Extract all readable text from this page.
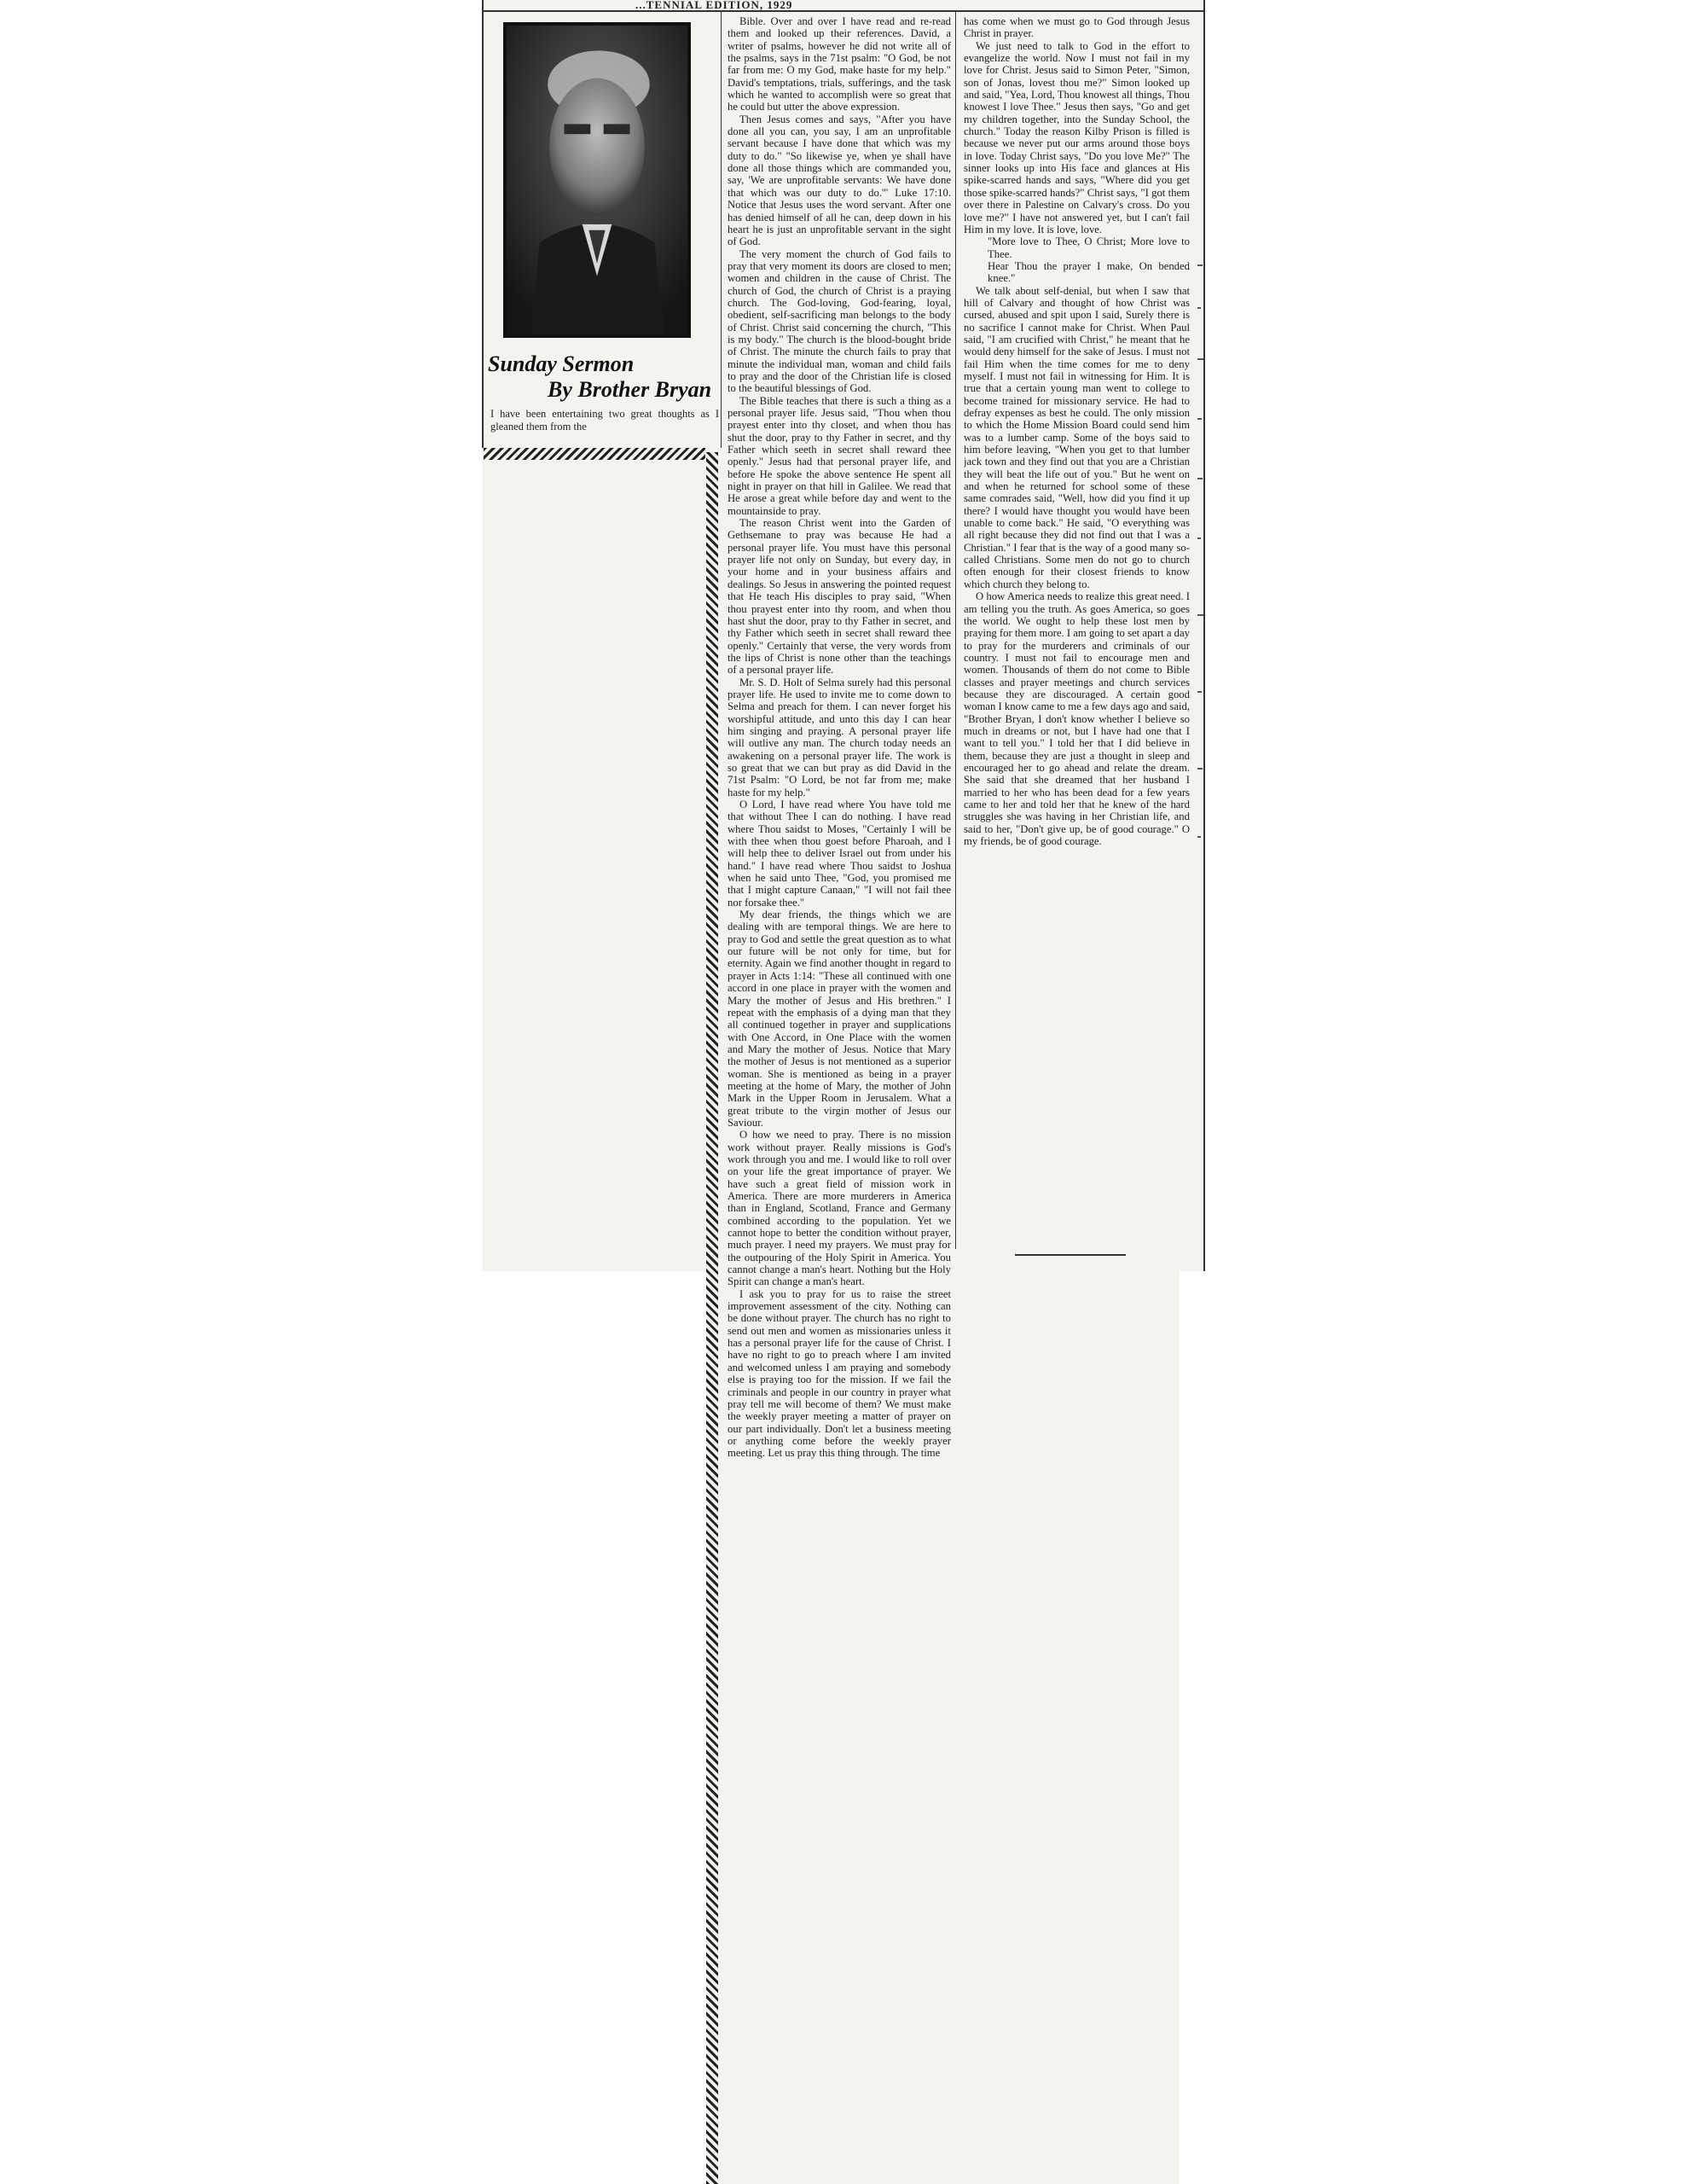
...TENNIAL EDITION, 1929
Sunday Sermon
By Brother Bryan
I have been entertaining two great thoughts as I gleaned them from the

Bible. Over and over I have read and re-read them and looked up their references. David, a writer of psalms, however he did not write all of the psalms, says in the 71st psalm: "O God, be not far from me: O my God, make haste for my help." David's temptations, trials, sufferings, and the task which he wanted to accomplish were so great that he could but utter the above expression.

Then Jesus comes and says, "After you have done all you can, you say, I am an unprofitable servant because I have done that which was my duty to do." "So likewise ye, when ye shall have done all those things which are commanded you, say, 'We are unprofitable servants: We have done that which was our duty to do.'" Luke 17:10. Notice that Jesus uses the word servant. After one has denied himself of all he can, deep down in his heart he is just an unprofitable servant in the sight of God.

The very moment the church of God fails to pray that very moment its doors are closed to men; women and children in the cause of Christ. The church of God, the church of Christ is a praying church. The God-loving, God-fearing, loyal, obedient, self-sacrificing man belongs to the body of Christ. Christ said concerning the church, "This is my body." The church is the blood-bought bride of Christ. The minute the church fails to pray that minute the individual man, woman and child fails to pray and the door of the Christian life is closed to the beautiful blessings of God.

The Bible teaches that there is such a thing as a personal prayer life. Jesus said, "Thou when thou prayest enter into thy closet, and when thou has shut the door, pray to thy Father in secret, and thy Father which seeth in secret shall reward thee openly." Jesus had that personal prayer life, and before He spoke the above sentence He spent all night in prayer on that hill in Galilee. We read that He arose a great while before day and went to the mountainside to pray.

The reason Christ went into the Garden of Gethsemane to pray was because He had a personal prayer life. You must have this personal prayer life not only on Sunday, but every day, in your home and in your business affairs and dealings. So Jesus in answering the pointed request that He teach His disciples to pray said, "When thou prayest enter into thy room, and when thou hast shut the door, pray to thy Father in secret, and thy Father which seeth in secret shall reward thee openly." Certainly that verse, the very words from the lips of Christ is none other than the teachings of a personal prayer life.

Mr. S. D. Holt of Selma surely had this personal prayer life. He used to invite me to come down to Selma and preach for them. I can never forget his worshipful attitude, and unto this day I can hear him singing and praying. A personal prayer life will outlive any man. The church today needs an awakening on a personal prayer life. The work is so great that we can but pray as did David in the 71st Psalm: "O Lord, be not far from me; make haste for my help."

O Lord, I have read where You have told me that without Thee I can do nothing. I have read where Thou saidst to Moses, "Certainly I will be with thee when thou goest before Pharoah, and I will help thee to deliver Israel out from under his hand." I have read where Thou saidst to Joshua when he said unto Thee, "God, you promised me that I might capture Canaan," "I will not fail thee nor forsake thee."

My dear friends, the things which we are dealing with are temporal things. We are here to pray to God and settle the great question as to what our future will be not only for time, but for eternity. Again we find another thought in regard to prayer in Acts 1:14: "These all continued with one accord in one place in prayer with the women and Mary the mother of Jesus and His brethren." I repeat with the emphasis of a dying man that they all continued together in prayer and supplications with One Accord, in One Place with the women and Mary the mother of Jesus. Notice that Mary the mother of Jesus is not mentioned as a superior woman. She is mentioned as being in a prayer meeting at the home of Mary, the mother of John Mark in the Upper Room in Jerusalem. What a great tribute to the virgin mother of Jesus our Saviour.

O how we need to pray. There is no mission work without prayer. Really missions is God's work through you and me. I would like to roll over on your life the great importance of prayer. We have such a great field of mission work in America. There are more murderers in America than in England, Scotland, France and Germany combined according to the population. Yet we cannot hope to better the condition without prayer, much prayer. I need my prayers. We must pray for the outpouring of the Holy Spirit in America. You cannot change a man's heart. Nothing but the Holy Spirit can change a man's heart.

I ask you to pray for us to raise the street improvement assessment of the city. Nothing can be done without prayer. The church has no right to send out men and women as missionaries unless it has a personal prayer life for the cause of Christ. I have no right to go to preach where I am invited and welcomed unless I am praying and somebody else is praying too for the mission. If we fail the criminals and people in our country in prayer what pray tell me will become of them? We must make the weekly prayer meeting a matter of prayer on our part individually. Don't let a business meeting or anything come before the weekly prayer meeting. Let us pray this thing through. The time

has come when we must go to God through Jesus Christ in prayer.

We just need to talk to God in the effort to evangelize the world. Now I must not fail in my love for Christ. Jesus said to Simon Peter, "Simon, son of Jonas, lovest thou me?" Simon looked up and said, "Yea, Lord, Thou knowest all things, Thou knowest I love Thee." Jesus then says, "Go and get my children together, into the Sunday School, the church." Today the reason Kilby Prison is filled is because we never put our arms around those boys in love. Today Christ says, "Do you love Me?" The sinner looks up into His face and glances at His spike-scarred hands and says, "Where did you get those spike-scarred hands?" Christ says, "I got them over there in Palestine on Calvary's cross. Do you love me?" I have not answered yet, but I can't fail Him in my love. It is love, love.

"More love to Thee, O Christ; More love to Thee.

Hear Thou the prayer I make, On bended knee."

We talk about self-denial, but when I saw that hill of Calvary and thought of how Christ was cursed, abused and spit upon I said, Surely there is no sacrifice I cannot make for Christ. When Paul said, "I am crucified with Christ," he meant that he would deny himself for the sake of Jesus. I must not fail Him when the time comes for me to deny myself. I must not fail in witnessing for Him. It is true that a certain young man went to college to become trained for missionary service. He had to defray expenses as best he could. The only mission to which the Home Mission Board could send him was to a lumber camp. Some of the boys said to him before leaving, "When you get to that lumber jack town and they find out that you are a Christian they will beat the life out of you." But he went on and when he returned for school some of these same comrades said, "Well, how did you find it up there? I would have thought you would have been unable to come back." He said, "O everything was all right because they did not find out that I was a Christian." I fear that is the way of a good many so-called Christians. Some men do not go to church often enough for their closest friends to know which church they belong to.

O how America needs to realize this great need. I am telling you the truth. As goes America, so goes the world. We ought to help these lost men by praying for them more. I am going to set apart a day to pray for the murderers and criminals of our country. I must not fail to encourage men and women. Thousands of them do not come to Bible classes and prayer meetings and church services because they are discouraged. A certain good woman I know came to me a few days ago and said, "Brother Bryan, I don't know whether I believe so much in dreams or not, but I have had one that I want to tell you." I told her that I did believe in them, because they are just a thought in sleep and encouraged her to go ahead and relate the dream. She said that she dreamed that her husband I married to her who has been dead for a few years came to her and told her that he knew of the hard struggles she was having in her Christian life, and said to her, "Don't give up, be of good courage." O my friends, be of good courage.
